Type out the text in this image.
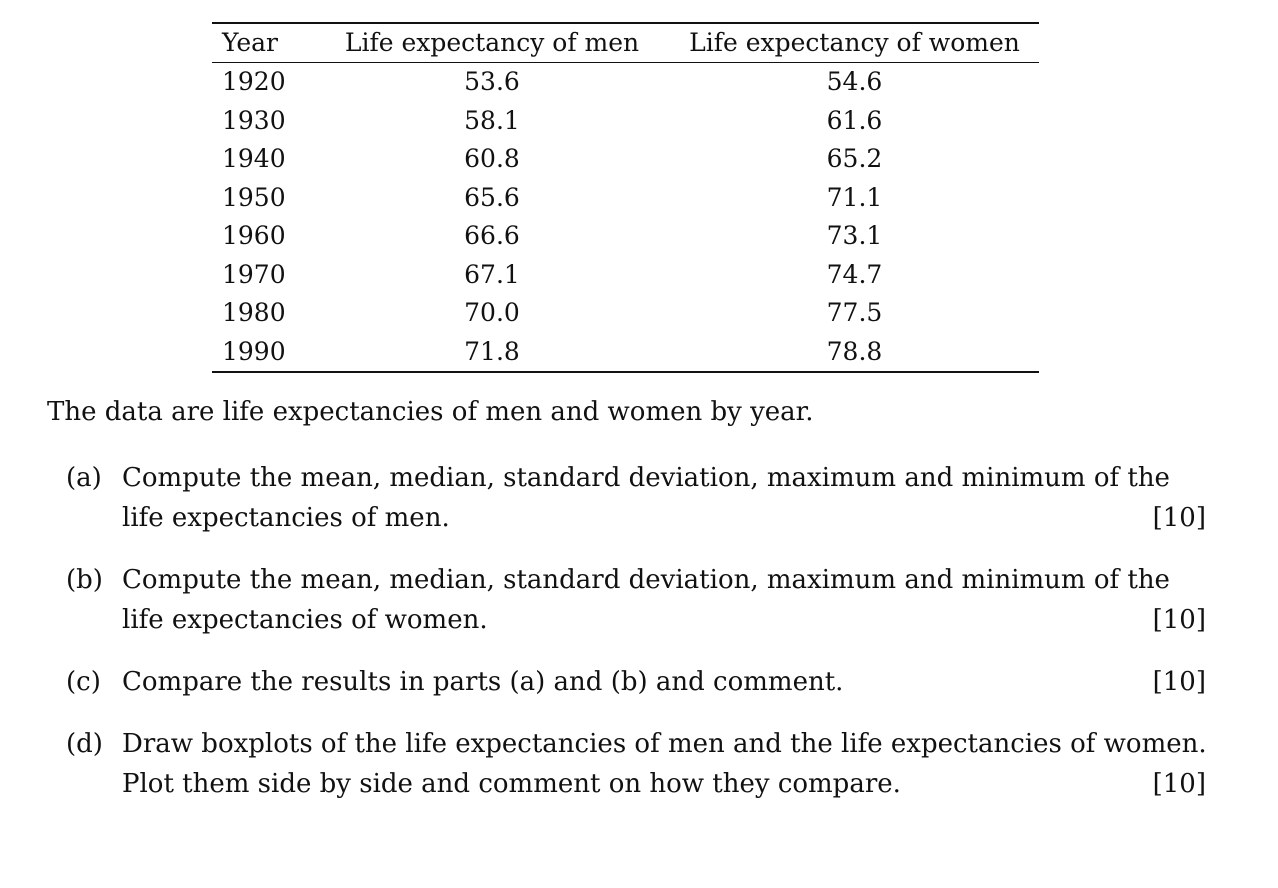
Year	Life expectancy of men	Life expectancy of women
1920	53.6	54.6
1930	58.1	61.6
1940	60.8	65.2
1950	65.6	71.1
1960	66.6	73.1
1970	67.1	74.7
1980	70.0	77.5
1990	71.8	78.8
The data are life expectancies of men and women by year.
(a) Compute the mean, median, standard deviation, maximum and minimum of the
life expectancies of men.	[10]
(b) Compute the mean, median, standard deviation, maximum and minimum of the
life expectancies of women.	[10]
(c) Compare the results in parts (a) and (b) and comment.	[10]
(d) Draw boxplots of the life expectancies of men and the life expectancies of women.
Plot them side by side and comment on how they compare.	[10]
